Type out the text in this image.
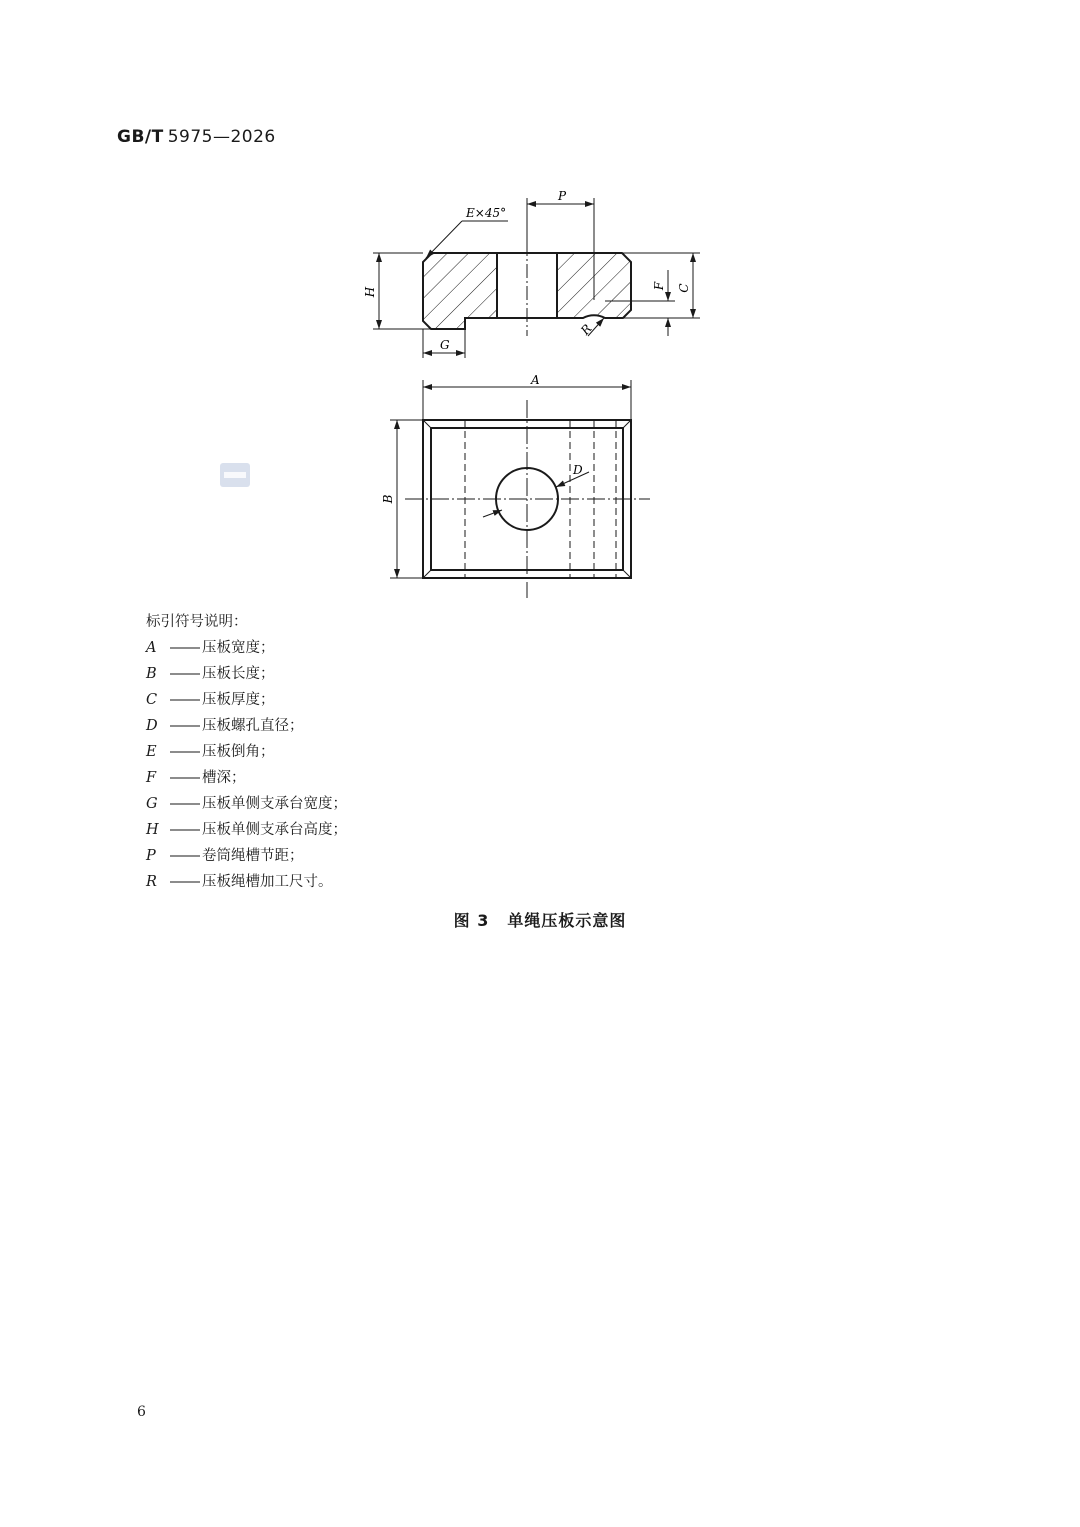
GB/T 5975—2026
E×45°
P
H
G
C
F
R
A
D
B
标引符号说明：
A	压板宽度；
B	压板长度；
C	压板厚度；
D	压板螺孔直径；
E	压板倒角；
F	槽深；
G	压板单侧支承台宽度；
H	压板单侧支承台高度；
P	卷筒绳槽节距；
R	压板绳槽加工尺寸。
图 3 单绳压板示意图
6
